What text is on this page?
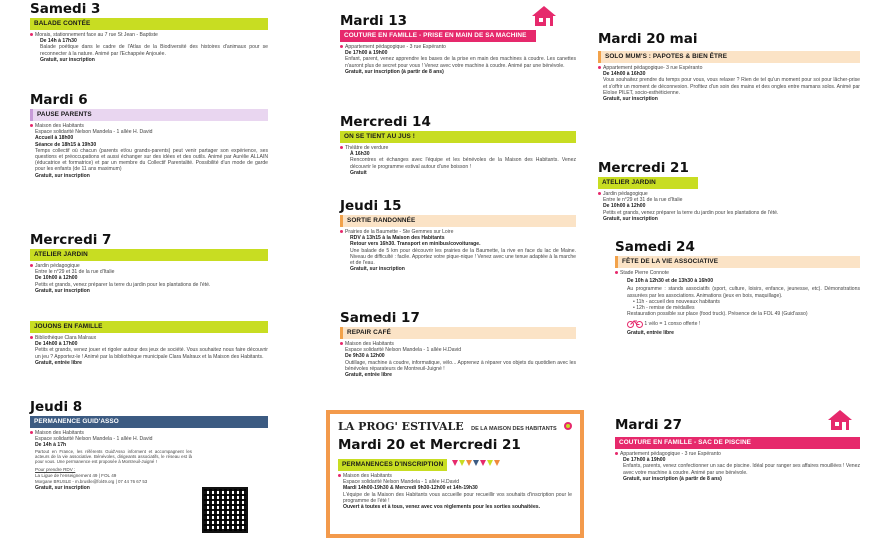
Samedi 3
BALADE CONTÉE
Morais, stationnement face au 7 rue St Jean - Baptiste
De 14h à 17h30
Balade poétique dans le cadre de l'Atlas de la Biodiversité des histoires d'animaux pour se reconnecter à la nature. Animé par l'Echappée Anjouée.
Gratuit, sur inscription
Mardi 6
PAUSE PARENTS
Maison des Habitants
Espace solidarité Nelson Mandela - 1 allée H. David
Accueil à 18h00
Séance de 18h15 à 19h30
Temps collectif où chacun (parents et/ou grands-parents) peut venir partager son expérience, ses questions et préoccupations et aussi échanger sur des idées et des outils. Animé par Aurélie ALLAIN (éducatrice et formatrice) et par un membre du Collectif Parentalité. Possibilité d'un mode de garde pour les enfants (de 11 ans maximum)
Gratuit, sur inscription
Mercredi 7
ATELIER JARDIN
Jardin pédagogique
Entre le n°29 et 31 de la rue d'Italie
De 10h00 à 12h00
Petits et grands, venez préparer la terre du jardin pour les plantations de l'été.
Gratuit, sur inscription
JOUONS EN FAMILLE
Bibliothèque Clara Malraux
De 14h00 à 17h00
Petits et grands, venez jouer et rigoler autour des jeux de société. Vous souhaitez nous faire découvrir un jeu ? Apportez-le ! Animé par la bibliothèque municipale Clara Malraux et la Maison des Habitants.
Gratuit, entrée libre
Jeudi 8
PERMANENCE GUID'ASSO
Maison des Habitants
Espace solidarité Nelson Mandela - 1 allée H. David
De 14h à 17h
Partout en France, les référents Guid'Asso informent et accompagnent les acteurs de la vie associative. Bénévoles, dirigeants associatifs, le réseau est là pour vous. Une permanence est proposée à Montreuil-Juigné !
Pour prendre RDV :
La Ligue de l'enseignement 49 | FOL 49
Morgane BRUSLE - m.bruslle@fol49.org | 07 44 76 67 53
Gratuit, sur inscription
Mardi 13
COUTURE EN FAMILLE - PRISE EN MAIN DE SA MACHINE
Appartement pédagogique - 3 rue Espéranto
De 17h00 à 19h00
Enfant, parent, venez apprendre les bases de la prise en main des machines à coudre. Les canettes n'auront plus de secret pour vous ! Venez avec votre machine à coudre. Animé par une bénévole.
Gratuit, sur inscription (à partir de 8 ans)
Mercredi 14
ON SE TIENT AU JUS !
Théâtre de verdure
À 16h30
Rencontres et échanges avec l'équipe et les bénévoles de la Maison des Habitants. Venez découvrir le programme estival autour d'une boisson !
Gratuit
Jeudi 15
SORTIE RANDONNÉE
Prairies de la Baumette - Ste Gemmes sur Loire
RDV à 13h15 à la Maison des Habitants
Retour vers 16h30. Transport en minibus/covoiturage.
Une balade de 5 km pour découvrir les prairies de la Baumette, la rive en face du lac de Maine. Niveau de difficulté : facile. Apportez votre pique-nique ! Venez avec une tenue adaptée à la marche et de l'eau.
Gratuit, sur inscription
Samedi 17
REPAIR CAFÉ
Maison des Habitants
Espace solidarité Nelson Mandela - 1 allée H.David
De 9h30 à 12h00
Outillage, machine à coudre, informatique, vélo... Apprenez à réparer vos objets du quotidien avec les bénévoles réparateurs de Montreuil-Juigné !
Gratuit, entrée libre
LA PROG' ESTIVALE DE LA MAISON DES HABITANTS
Mardi 20 et Mercredi 21
PERMANENCES D'INSCRIPTION
Maison des Habitants
Espace solidarité Nelson Mandela - 1 allée H.David
Mardi 14h00-19h30 & Mercredi 9h30-12h00 et 14h-19h30
L'équipe de la Maison des Habitants vous accueille pour recueillir vos souhaits d'inscription pour le programme de l'été !
Ouvert à toutes et à tous, venez avec vos règlements pour les sorties souhaitées.
Mardi 20 mai
SOLO MUM'S : PAPOTES & BIEN ÊTRE
Appartement pédagogique- 3 rue Espéranto
De 14h00 à 16h30
Vous souhaitez prendre du temps pour vous, vous relaxer ? Rien de tel qu'un moment pour soi pour lâcher-prise et s'offrir un moment de déconnexion. Profitez d'un soin des mains et des ongles entre mamans solos. Animé par Eloïse PILET, socio-esthéticienne.
Gratuit, sur inscription
Mercredi 21
ATELIER JARDIN
Jardin pédagogique
Entre le n°29 et 31 de la rue d'Italie
De 10h00 à 12h00
Petits et grands, venez préparer la terre du jardin pour les plantations de l'été.
Gratuit, sur inscription
Samedi 24
FÊTE DE LA VIE ASSOCIATIVE
Stade Pierre Connote
De 10h à 12h30 et de 13h30 à 16h00
Au programme : stands associatifs (sport, culture, loisirs, enfance, jeunesse, etc). Démonstrations assurées par les associations. Animations (jeux en bois, maquillage).
• 11h - accueil des nouveaux habitants
• 12h - remise de médailles
Restauration possible sur place (food truck). Présence de la FOL 49 (Guid'asso)
1 vélo = 1 conso offerte !
Gratuit, entrée libre
Mardi 27
COUTURE EN FAMILLE - SAC DE PISCINE
Appartement pédagogique - 3 rue Espéranto
De 17h00 à 19h00
Enfants, parents, venez confectionner un sac de piscine. Idéal pour ranger ses affaires mouillées ! Venez avec votre machine à coudre. Animé par une bénévole.
Gratuit, sur inscription (à partir de 8 ans)
